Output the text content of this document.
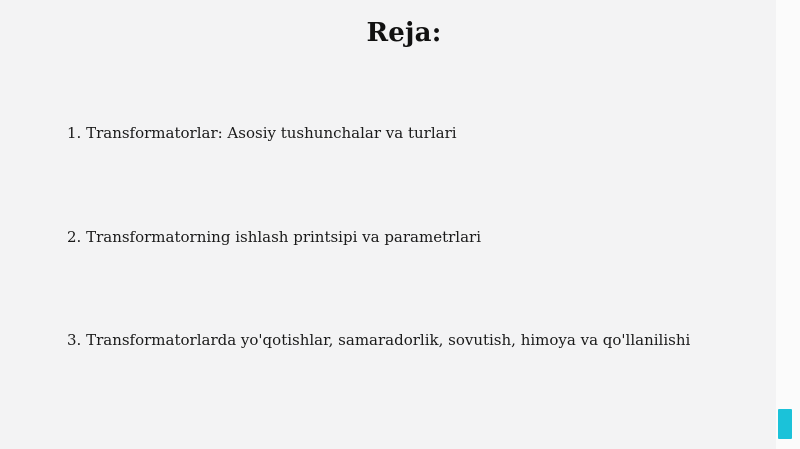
Reja:
1. Transformatorlar: Asosiy tushunchalar va turlari
2. Transformatorning ishlash printsipi va parametrlari
3. Transformatorlarda yo'qotishlar, samaradorlik, sovutish, himoya va qo'llanilishi
